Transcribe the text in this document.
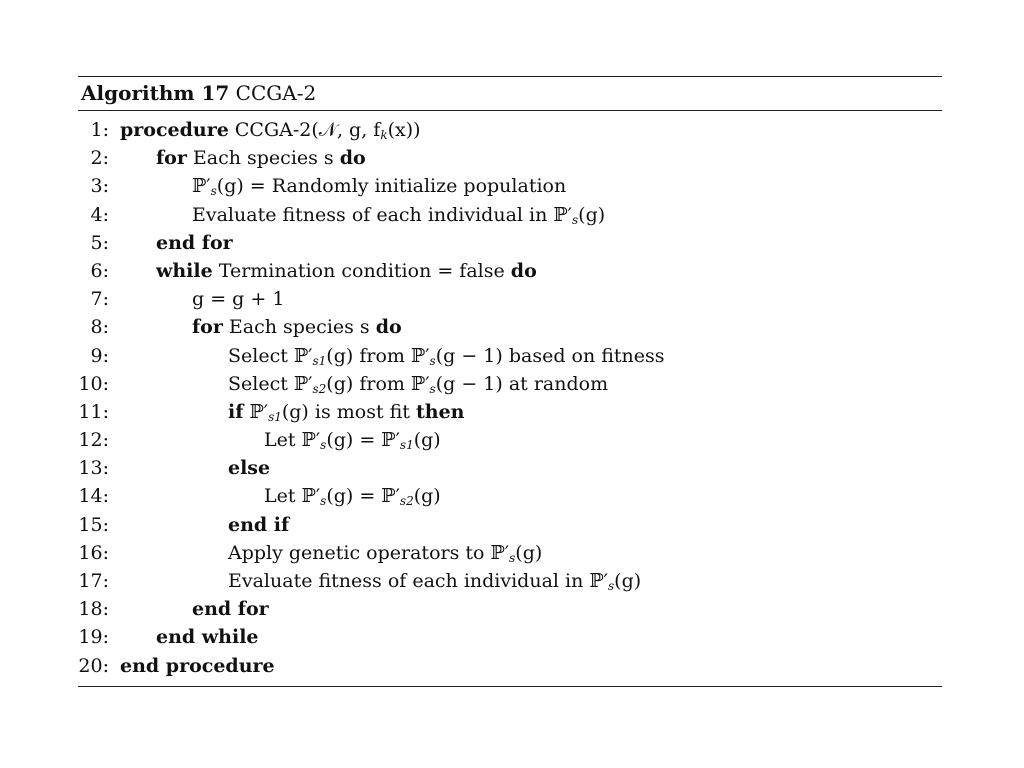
Algorithm 17 CCGA-2
1: procedure CCGA-2(𝒩, g, $f_k(x)$)
2: for Each species s do
3:	$ℙ'_s(g)$ = Randomly initialize population
4:	Evaluate fitness of each individual in $ℙ'_s(g)$
5: end for
6: while Termination condition = false do
7:	g = g + 1
8:	for Each species s do
9:	Select $ℙ'_{s1}(g)$ from $ℙ'_s(g - 1)$ based on fitness
10:	Select $ℙ'_{s2}(g)$ from $ℙ'_s(g - 1)$ at random
11:	if $ℙ'_{s1}(g)$ is most fit then
12:	Let $ℙ'_s(g)$ = $ℙ'_{s1}(g)$
13:	else
14:	Let $ℙ'_s(g)$ = $ℙ'_{s2}(g)$
15:	end if
16:	Apply genetic operators to $ℙ'_s(g)$
17:	Evaluate fitness of each individual in $ℙ'_s(g)$
18:	end for
19: end while
20: end procedure
